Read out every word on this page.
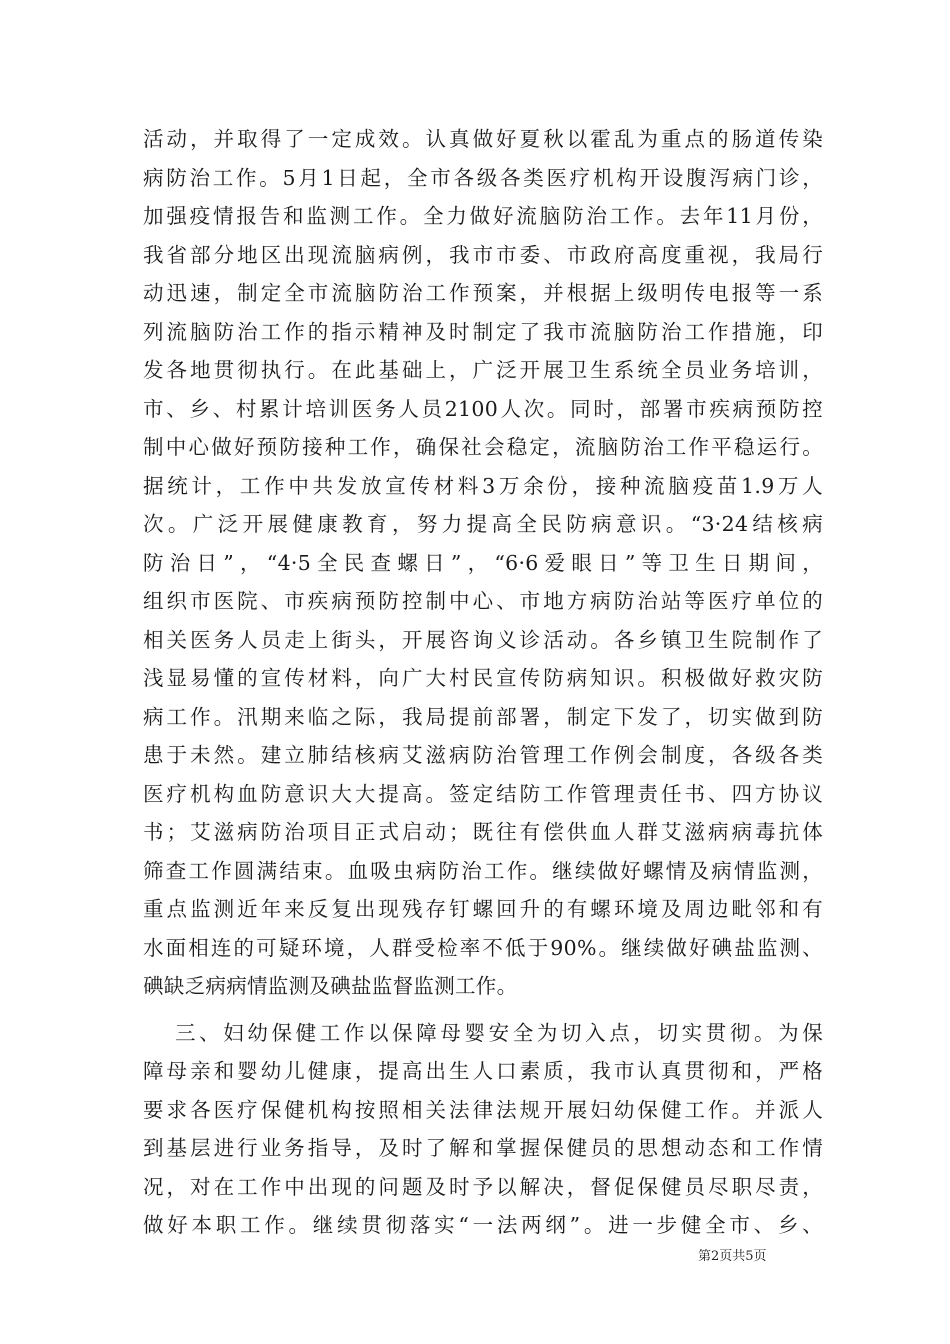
活动，并取得了一定成效。认真做好夏秋以霍乱为重点的肠道传染
病防治工作。5月1日起，全市各级各类医疗机构开设腹泻病门诊，
加强疫情报告和监测工作。全力做好流脑防治工作。去年11月份，
我省部分地区出现流脑病例，我市市委、市政府高度重视，我局行
动迅速，制定全市流脑防治工作预案，并根据上级明传电报等一系
列流脑防治工作的指示精神及时制定了我市流脑防治工作措施，印
发各地贯彻执行。在此基础上，广泛开展卫生系统全员业务培训，
市、乡、村累计培训医务人员2100人次。同时，部署市疾病预防控
制中心做好预防接种工作，确保社会稳定，流脑防治工作平稳运行。
据统计，工作中共发放宣传材料3万余份，接种流脑疫苗1.9万人
次。广泛开展健康教育，努力提高全民防病意识。“3·24结核病
防治日”，“4·5全民查螺日”，“6·6爱眼日”等卫生日期间，
组织市医院、市疾病预防控制中心、市地方病防治站等医疗单位的
相关医务人员走上街头，开展咨询义诊活动。各乡镇卫生院制作了
浅显易懂的宣传材料，向广大村民宣传防病知识。积极做好救灾防
病工作。汛期来临之际，我局提前部署，制定下发了，切实做到防
患于未然。建立肺结核病艾滋病防治管理工作例会制度，各级各类
医疗机构血防意识大大提高。签定结防工作管理责任书、四方协议
书；艾滋病防治项目正式启动；既往有偿供血人群艾滋病病毒抗体
筛查工作圆满结束。血吸虫病防治工作。继续做好螺情及病情监测，
重点监测近年来反复出现残存钉螺回升的有螺环境及周边毗邻和有
水面相连的可疑环境，人群受检率不低于90%。继续做好碘盐监测、
碘缺乏病病情监测及碘盐监督监测工作。
三、妇幼保健工作以保障母婴安全为切入点，切实贯彻。为保
障母亲和婴幼儿健康，提高出生人口素质，我市认真贯彻和，严格
要求各医疗保健机构按照相关法律法规开展妇幼保健工作。并派人
到基层进行业务指导，及时了解和掌握保健员的思想动态和工作情
况，对在工作中出现的问题及时予以解决，督促保健员尽职尽责，
做好本职工作。继续贯彻落实“一法两纲”。进一步健全市、乡、
第2页共5页
